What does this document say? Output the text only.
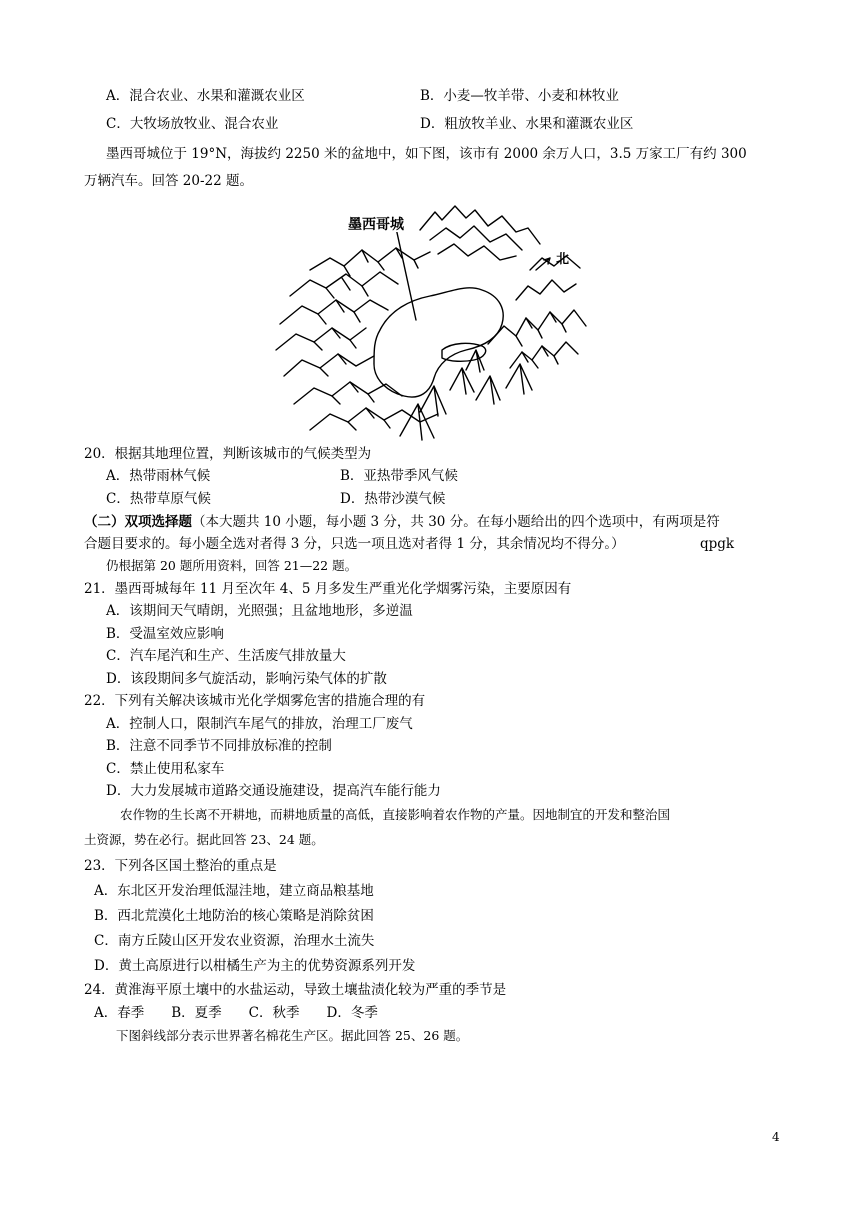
A．混合农业、水果和灌溉农业区	B．小麦—牧羊带、小麦和林牧业
C．大牧场放牧业、混合农业	D．粗放牧羊业、水果和灌溉农业区
墨西哥城位于 19°N，海拔约 2250 米的盆地中，如下图，该市有 2000 余万人口，3.5 万家工厂有约 300
万辆汽车。回答 20-22 题。
墨西哥城
北
20．根据其地理位置，判断该城市的气候类型为
A．热带雨林气候	B．亚热带季风气候
C．热带草原气候	D．热带沙漠气候
（二）双项选择题（本大题共 10 小题，每小题 3 分，共 30 分。在每小题给出的四个选项中，有两项是符
合题目要求的。每小题全选对者得 3 分，只选一项且选对者得 1 分，其余情况均不得分。）	qpgk
仍根据第 20 题所用资料，回答 21—22 题。
21．墨西哥城每年 11 月至次年 4、5 月多发生严重光化学烟雾污染，主要原因有
A．该期间天气晴朗，光照强；且盆地地形，多逆温
B．受温室效应影响
C．汽车尾汽和生产、生活废气排放量大
D．该段期间多气旋活动，影响污染气体的扩散
22．下列有关解决该城市光化学烟雾危害的措施合理的有
A．控制人口，限制汽车尾气的排放，治理工厂废气
B．注意不同季节不同排放标准的控制
C．禁止使用私家车
D．大力发展城市道路交通设施建设，提高汽车能行能力
农作物的生长离不开耕地，而耕地质量的高低，直接影响着农作物的产量。因地制宜的开发和整治国
土资源，势在必行。据此回答 23、24 题。
23．下列各区国土整治的重点是
A．东北区开发治理低湿洼地，建立商品粮基地
B．西北荒漠化土地防治的核心策略是消除贫困
C．南方丘陵山区开发农业资源，治理水土流失
D．黄土高原进行以柑橘生产为主的优势资源系列开发
24．黄淮海平原土壤中的水盐运动，导致土壤盐渍化较为严重的季节是
A．春季　　B．夏季　　C．秋季　　D．冬季
下图斜线部分表示世界著名棉花生产区。据此回答 25、26 题。
4
